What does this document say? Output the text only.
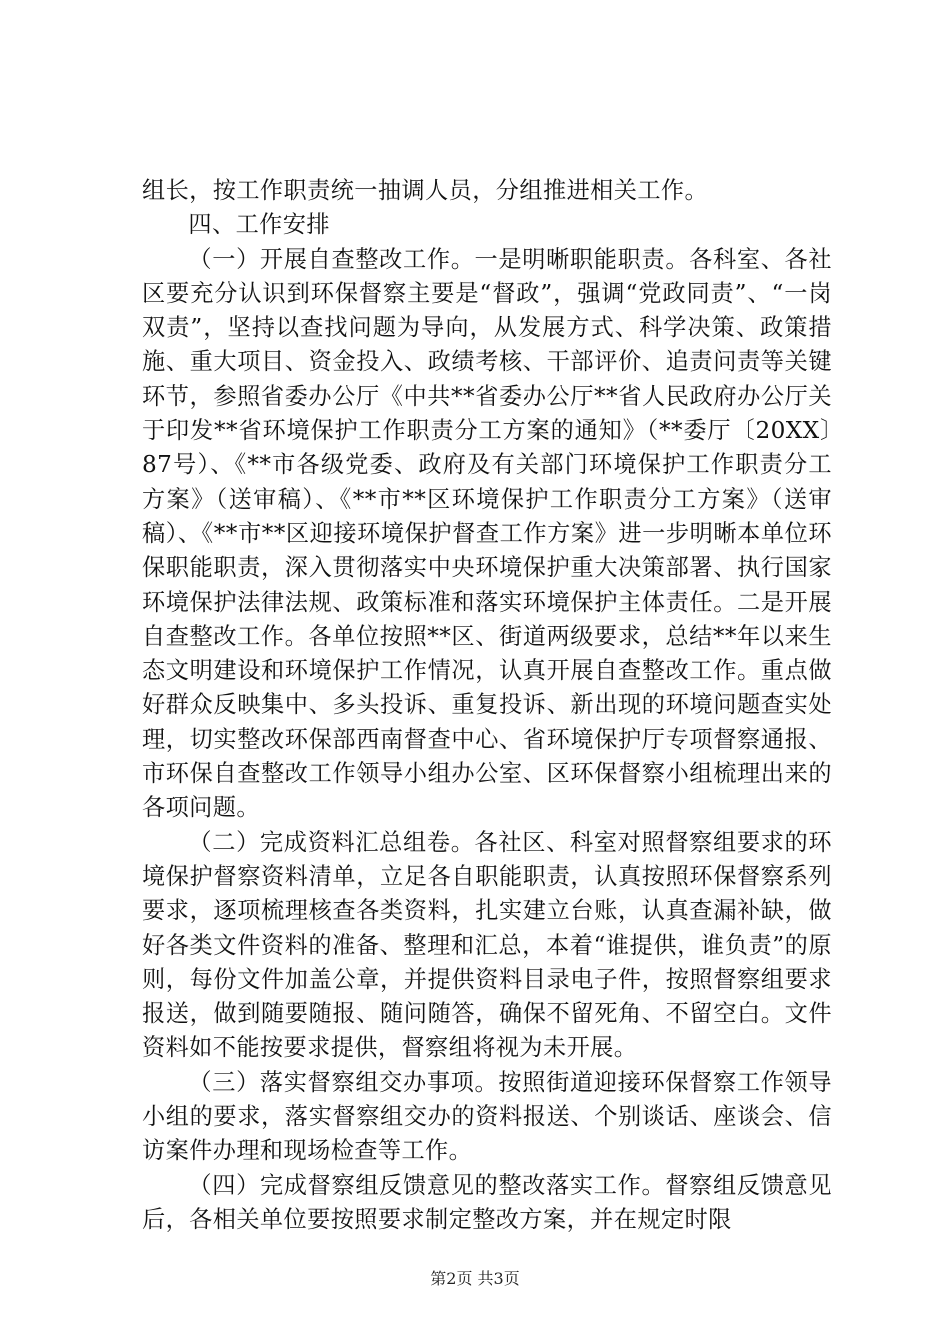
组长，按工作职责统一抽调人员，分组推进相关工作。

四、工作安排

（一）开展自查整改工作。一是明晰职能职责。各科室、各社区要充分认识到环保督察主要是“督政”，强调“党政同责”、“一岗双责”，坚持以查找问题为导向，从发展方式、科学决策、政策措施、重大项目、资金投入、政绩考核、干部评价、追责问责等关键环节，参照省委办公厅《中共**省委办公厅**省人民政府办公厅关于印发**省环境保护工作职责分工方案的通知》（**委厅〔20XX〕87号）、《**市各级党委、政府及有关部门环境保护工作职责分工方案》（送审稿）、《**市**区环境保护工作职责分工方案》（送审稿）、《**市**区迎接环境保护督查工作方案》进一步明晰本单位环保职能职责，深入贯彻落实中央环境保护重大决策部署、执行国家环境保护法律法规、政策标准和落实环境保护主体责任。二是开展自查整改工作。各单位按照**区、街道两级要求，总结**年以来生态文明建设和环境保护工作情况，认真开展自查整改工作。重点做好群众反映集中、多头投诉、重复投诉、新出现的环境问题查实处理，切实整改环保部西南督查中心、省环境保护厅专项督察通报、市环保自查整改工作领导小组办公室、区环保督察小组梳理出来的各项问题。

（二）完成资料汇总组卷。各社区、科室对照督察组要求的环境保护督察资料清单，立足各自职能职责，认真按照环保督察系列要求，逐项梳理核查各类资料，扎实建立台账，认真查漏补缺，做好各类文件资料的准备、整理和汇总，本着“谁提供，谁负责”的原则，每份文件加盖公章，并提供资料目录电子件，按照督察组要求报送，做到随要随报、随问随答，确保不留死角、不留空白。文件资料如不能按要求提供，督察组将视为未开展。

（三）落实督察组交办事项。按照街道迎接环保督察工作领导小组的要求，落实督察组交办的资料报送、个别谈话、座谈会、信访案件办理和现场检查等工作。

（四）完成督察组反馈意见的整改落实工作。督察组反馈意见后，各相关单位要按照要求制定整改方案，并在规定时限

第2页 共3页
